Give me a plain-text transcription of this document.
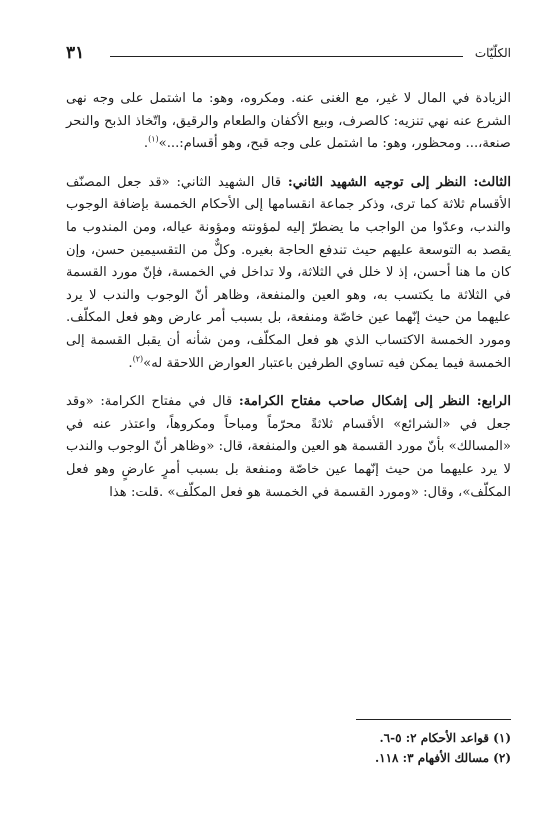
٣١	الكلّيّات

الزيادة في المال لا غير، مع الغنى عنه. ومكروه، وهو: ما اشتمل على وجه نهى الشرع عنه نهي تنزيه: كالصرف، وبيع الأكفان والطعام والرقيق، واتّخاذ الذبح والنحر صنعة،... ومحظور، وهو: ما اشتمل على وجه قبح، وهو أقسام:...»$^{(١)}$.

الثالث: النظر إلى توجيه الشهيد الثاني: قال الشهيد الثاني: «قد جعل المصنّف الأقسام ثلاثة كما ترى، وذكر جماعة انقسامها إلى الأحكام الخمسة بإضافة الوجوب والندب، وعدّوا من الواجب ما يضطرّ إليه لمؤونته ومؤونة عياله، ومن المندوب ما يقصد به التوسعة عليهم حيث تندفع الحاجة بغيره. وكلٌّ من التقسيمين حسن، وإن كان ما هنا أحسن، إذ لا خلل في الثلاثة، ولا تداخل في الخمسة، فإنّ مورد القسمة في الثلاثة ما يكتسب به، وهو العين والمنفعة، وظاهر أنّ الوجوب والندب لا يرد عليهما من حيث إنّهما عين خاصّة ومنفعة، بل بسبب أمر عارض وهو فعل المكلّف. ومورد الخمسة الاكتساب الذي هو فعل المكلّف، ومن شأنه أن يقبل القسمة إلى الخمسة فيما يمكن فيه تساوي الطرفين باعتبار العوارض اللاحقة له»$^{(٢)}$.

الرابع: النظر إلى إشكال صاحب مفتاح الكرامة: قال في مفتاح الكرامة: «وقد جعل في «الشرائع» الأقسام ثلاثةً محرّماً ومباحاً ومكروهاً، واعتذر عنه في «المسالك» بأنّ مورد القسمة هو العين والمنفعة، قال: «وظاهر أنّ الوجوب والندب لا يرد عليهما من حيث إنّهما عين خاصّة ومنفعة بل بسبب أمرٍ عارضٍ وهو فعل المكلّف»، وقال: «ومورد القسمة في الخمسة هو فعل المكلّف» .قلت: هذا

(١) قواعد الأحكام ٢: ٥-٦.
(٢) مسالك الأفهام ٣: ١١٨.
